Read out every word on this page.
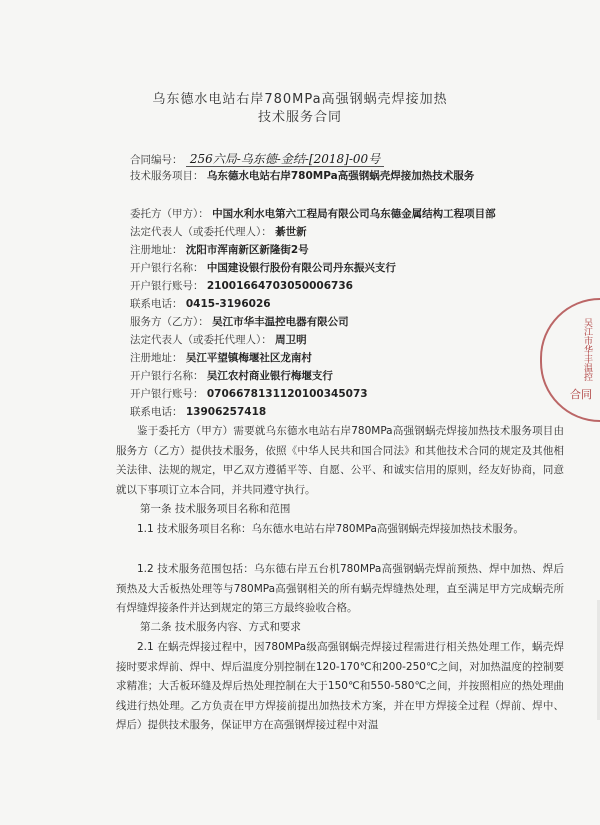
乌东德水电站右岸780MPa高强钢蜗壳焊接加热
技术服务合同
合同编号： 256六局-乌东德-金结-[2018]-00号
技术服务项目： 乌东德水电站右岸780MPa高强钢蜗壳焊接加热技术服务
委托方（甲方）： 中国水利水电第六工程局有限公司乌东德金属结构工程项目部
法定代表人（或委托代理人）： 綦世新
注册地址： 沈阳市浑南新区新隆街2号
开户银行名称： 中国建设银行股份有限公司丹东振兴支行
开户银行账号： 21001664703050006736
联系电话： 0415-3196026
服务方（乙方）： 吴江市华丰温控电器有限公司
法定代表人（或委托代理人）： 周卫明
注册地址： 吴江平望镇梅堰社区龙南村
开户银行名称： 吴江农村商业银行梅堰支行
开户银行账号： 0706678131120100345073
联系电话： 13906257418
鉴于委托方（甲方）需要就乌东德水电站右岸780MPa高强钢蜗壳焊接加热技术服务项目由服务方（乙方）提供技术服务，依照《中华人民共和国合同法》和其他技术合同的规定及其他相关法律、法规的规定，甲乙双方遵循平等、自愿、公平、和诚实信用的原则，经友好协商，同意就以下事项订立本合同，并共同遵守执行。
第一条 技术服务项目名称和范围
1.1 技术服务项目名称：乌东德水电站右岸780MPa高强钢蜗壳焊接加热技术服务。
1.2 技术服务范围包括：乌东德右岸五台机780MPa高强钢蜗壳焊前预热、焊中加热、焊后预热及大舌板热处理等与780MPa高强钢相关的所有蜗壳焊缝热处理，直至满足甲方完成蜗壳所有焊缝焊接条件并达到规定的第三方最终验收合格。
第二条 技术服务内容、方式和要求
2.1 在蜗壳焊接过程中，因780MPa级高强钢蜗壳焊接过程需进行相关热处理工作，蜗壳焊接时要求焊前、焊中、焊后温度分别控制在120-170℃和200-250℃之间，对加热温度的控制要求精准；大舌板环缝及焊后热处理控制在大于150℃和550-580℃之间，并按照相应的热处理曲线进行热处理。乙方负责在甲方焊接前提出加热技术方案，并在甲方焊接全过程（焊前、焊中、焊后）提供技术服务，保证甲方在高强钢焊接过程中对温
吴江市华丰温控
合同
